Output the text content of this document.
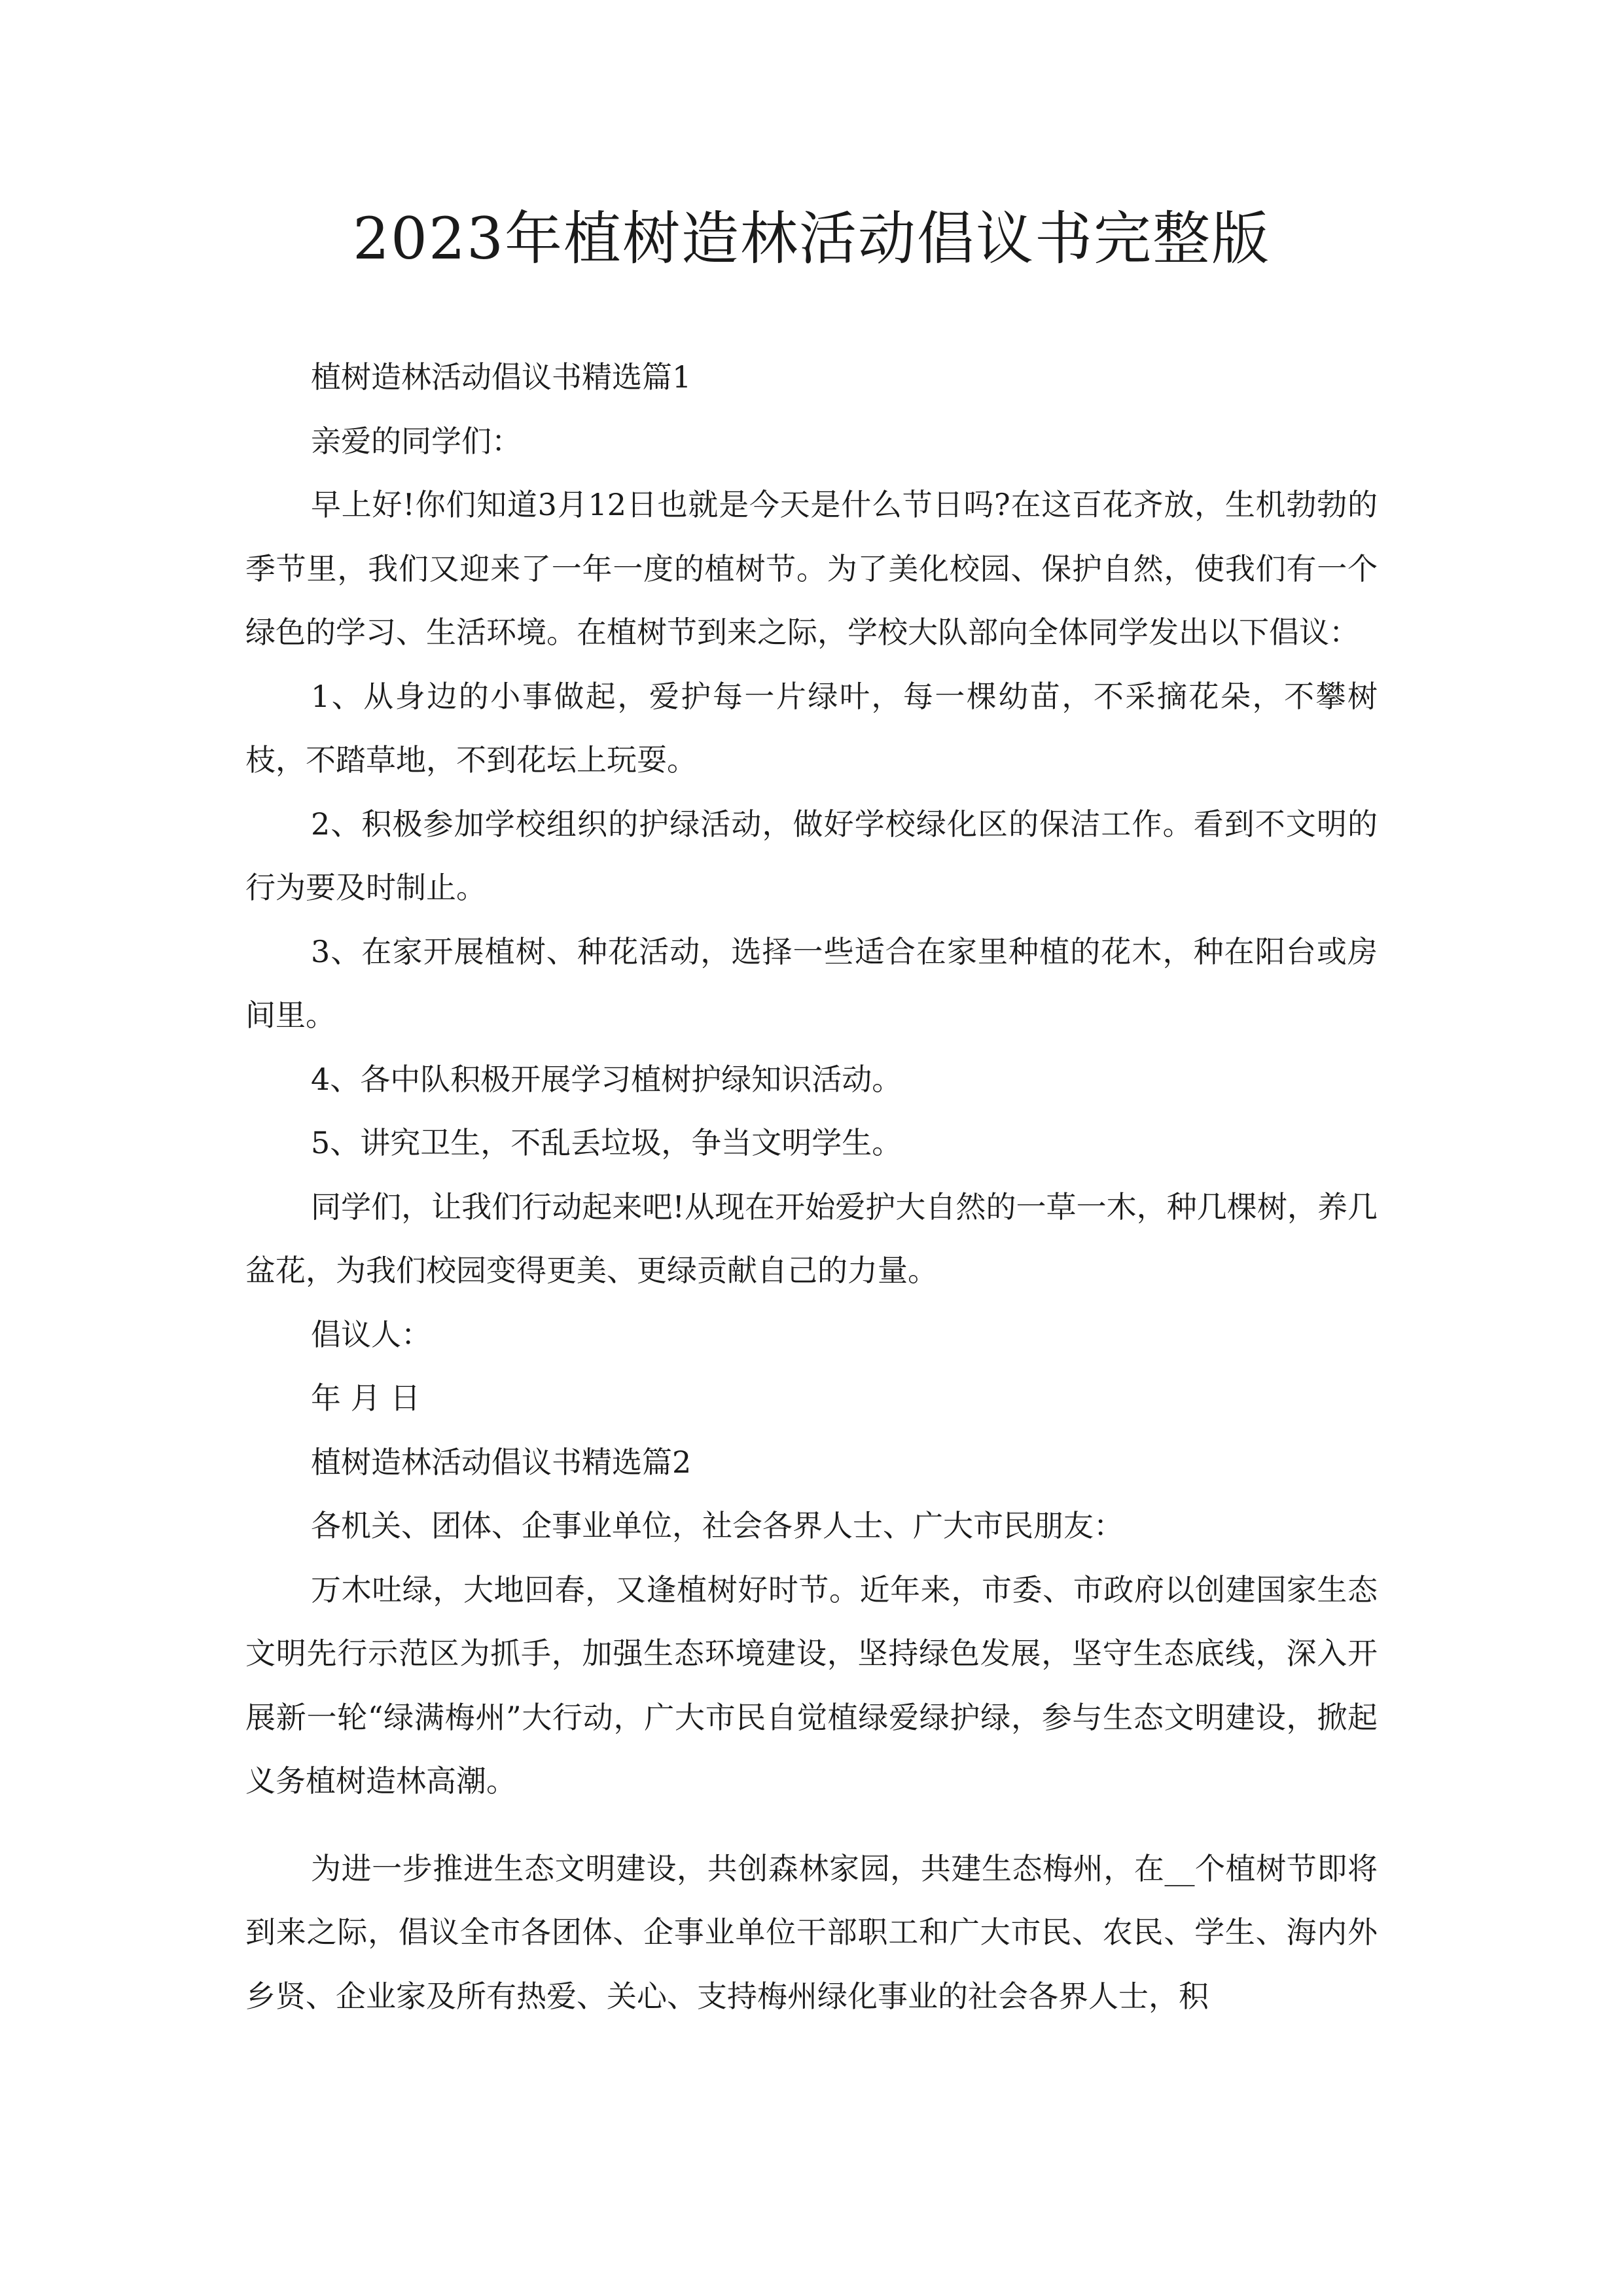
2023年植树造林活动倡议书完整版

植树造林活动倡议书精选篇1

亲爱的同学们：

早上好!你们知道3月12日也就是今天是什么节日吗?在这百花齐放，生机勃勃的季节里，我们又迎来了一年一度的植树节。为了美化校园、保护自然，使我们有一个绿色的学习、生活环境。在植树节到来之际，学校大队部向全体同学发出以下倡议：

1、从身边的小事做起，爱护每一片绿叶，每一棵幼苗，不采摘花朵，不攀树枝，不踏草地，不到花坛上玩耍。

2、积极参加学校组织的护绿活动，做好学校绿化区的保洁工作。看到不文明的行为要及时制止。

3、在家开展植树、种花活动，选择一些适合在家里种植的花木，种在阳台或房间里。

4、各中队积极开展学习植树护绿知识活动。

5、讲究卫生，不乱丢垃圾，争当文明学生。

同学们，让我们行动起来吧!从现在开始爱护大自然的一草一木，种几棵树，养几盆花，为我们校园变得更美、更绿贡献自己的力量。

倡议人：

年 月 日

植树造林活动倡议书精选篇2

各机关、团体、企事业单位，社会各界人士、广大市民朋友：

万木吐绿，大地回春，又逢植树好时节。近年来，市委、市政府以创建国家生态文明先行示范区为抓手，加强生态环境建设，坚持绿色发展，坚守生态底线，深入开展新一轮“绿满梅州”大行动，广大市民自觉植绿爱绿护绿，参与生态文明建设，掀起义务植树造林高潮。

为进一步推进生态文明建设，共创森林家园，共建生态梅州，在__个植树节即将到来之际，倡议全市各团体、企事业单位干部职工和广大市民、农民、学生、海内外乡贤、企业家及所有热爱、关心、支持梅州绿化事业的社会各界人士，积
